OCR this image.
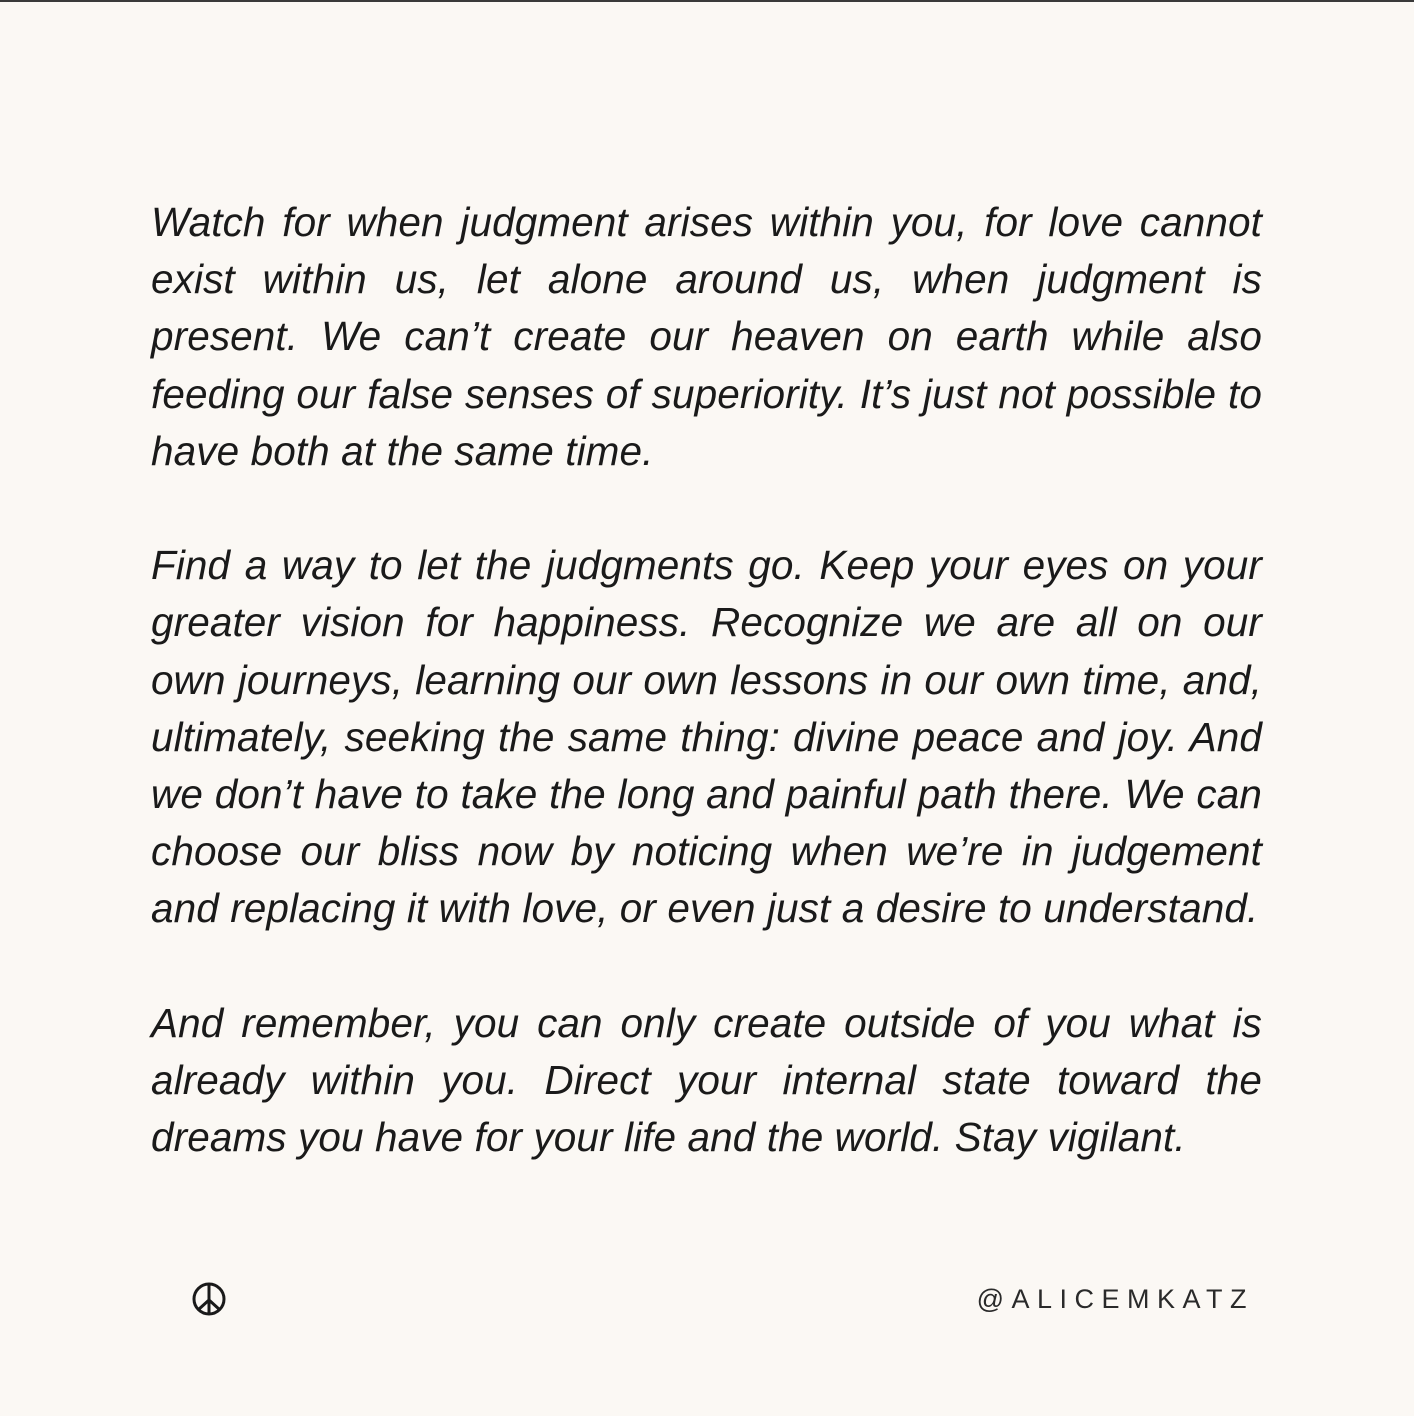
Watch for when judgment arises within you, for love cannot exist within us, let alone around us, when judgment is present. We can’t create our heaven on earth while also feeding our false senses of superiority. It’s just not possible to have both at the same time.

Find a way to let the judgments go. Keep your eyes on your greater vision for happiness. Recognize we are all on our own journeys, learning our own lessons in our own time, and, ultimately, seeking the same thing: divine peace and joy. And we don’t have to take the long and painful path there. We can choose our bliss now by noticing when we’re in judgement and replacing it with love, or even just a desire to understand.

And remember, you can only create outside of you what is already within you. Direct your internal state toward the dreams you have for your life and the world. Stay vigilant.

@ALICEMKATZ
